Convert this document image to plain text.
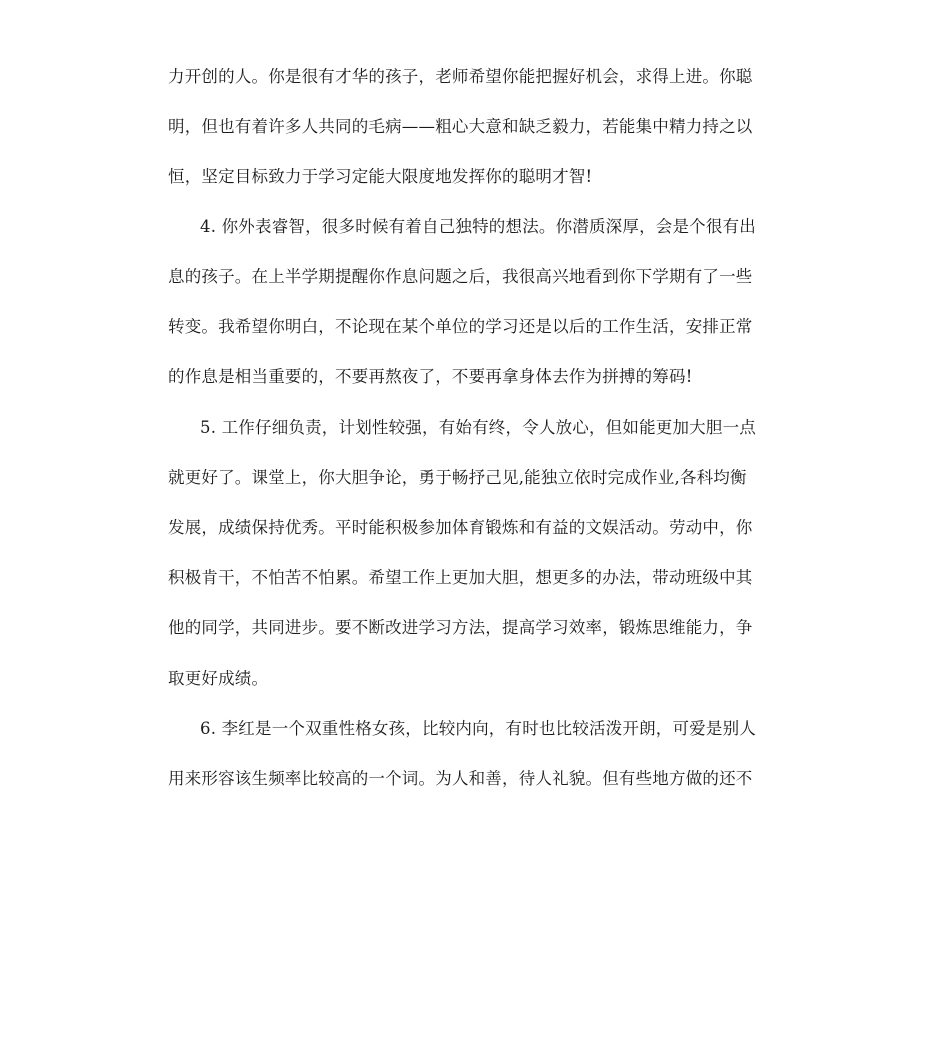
力开创的人。你是很有才华的孩子，老师希望你能把握好机会，求得上进。你聪
明，但也有着许多人共同的毛病——粗心大意和缺乏毅力，若能集中精力持之以
恒，坚定目标致力于学习定能大限度地发挥你的聪明才智!
4. 你外表睿智，很多时候有着自己独特的想法。你潜质深厚，会是个很有出
息的孩子。在上半学期提醒你作息问题之后，我很高兴地看到你下学期有了一些
转变。我希望你明白，不论现在某个单位的学习还是以后的工作生活，安排正常
的作息是相当重要的，不要再熬夜了，不要再拿身体去作为拼搏的筹码!
5. 工作仔细负责，计划性较强，有始有终，令人放心，但如能更加大胆一点
就更好了。课堂上，你大胆争论，勇于畅抒己见,能独立依时完成作业,各科均衡
发展，成绩保持优秀。平时能积极参加体育锻炼和有益的文娱活动。劳动中，你
积极肯干，不怕苦不怕累。希望工作上更加大胆，想更多的办法，带动班级中其
他的同学，共同进步。要不断改进学习方法，提高学习效率，锻炼思维能力，争
取更好成绩。
6. 李红是一个双重性格女孩，比较内向，有时也比较活泼开朗，可爱是别人
用来形容该生频率比较高的一个词。为人和善，待人礼貌。但有些地方做的还不
